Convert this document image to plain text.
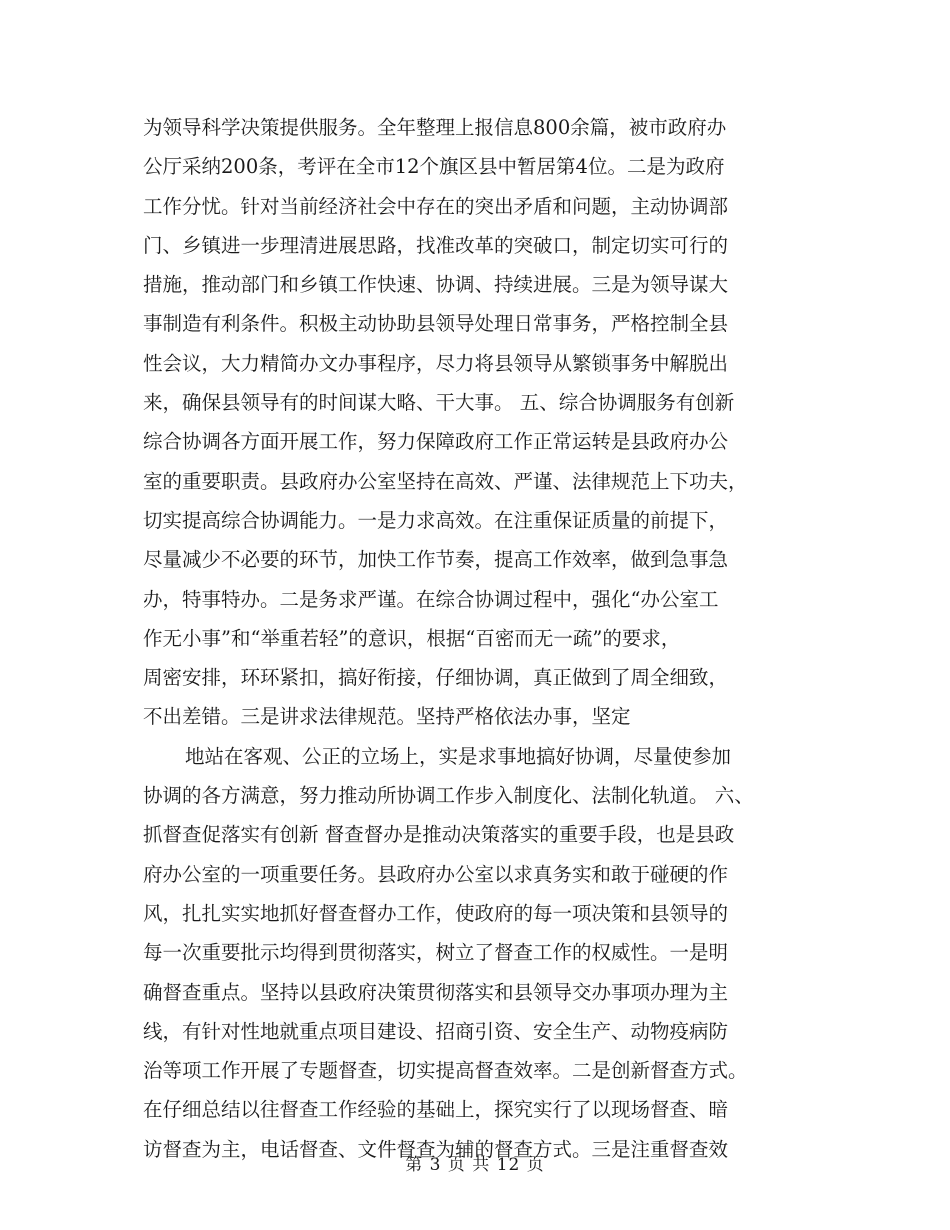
为领导科学决策提供服务。全年整理上报信息800余篇，被市政府办
公厅采纳200条，考评在全市12个旗区县中暂居第4位。二是为政府
工作分忧。针对当前经济社会中存在的突出矛盾和问题，主动协调部
门、乡镇进一步理清进展思路，找准改革的突破口，制定切实可行的
措施，推动部门和乡镇工作快速、协调、持续进展。三是为领导谋大
事制造有利条件。积极主动协助县领导处理日常事务，严格控制全县
性会议，大力精简办文办事程序，尽力将县领导从繁锁事务中解脱出
来，确保县领导有的时间谋大略、干大事。 五、综合协调服务有创新
综合协调各方面开展工作，努力保障政府工作正常运转是县政府办公
室的重要职责。县政府办公室坚持在高效、严谨、法律规范上下功夫，
切实提高综合协调能力。一是力求高效。在注重保证质量的前提下，
尽量减少不必要的环节，加快工作节奏，提高工作效率，做到急事急
办，特事特办。二是务求严谨。在综合协调过程中，强化“办公室工
作无小事”和“举重若轻”的意识，根据“百密而无一疏”的要求，
周密安排，环环紧扣，搞好衔接，仔细协调，真正做到了周全细致，
不出差错。三是讲求法律规范。坚持严格依法办事，坚定
地站在客观、公正的立场上，实是求事地搞好协调，尽量使参加
协调的各方满意，努力推动所协调工作步入制度化、法制化轨道。 六、
抓督查促落实有创新 督查督办是推动决策落实的重要手段，也是县政
府办公室的一项重要任务。县政府办公室以求真务实和敢于碰硬的作
风，扎扎实实地抓好督查督办工作，使政府的每一项决策和县领导的
每一次重要批示均得到贯彻落实，树立了督查工作的权威性。一是明
确督查重点。坚持以县政府决策贯彻落实和县领导交办事项办理为主
线，有针对性地就重点项目建设、招商引资、安全生产、动物疫病防
治等项工作开展了专题督查，切实提高督查效率。二是创新督查方式。
在仔细总结以往督查工作经验的基础上，探究实行了以现场督查、暗
访督查为主，电话督查、文件督查为辅的督查方式。三是注重督查效
第 3 页 共 12 页
